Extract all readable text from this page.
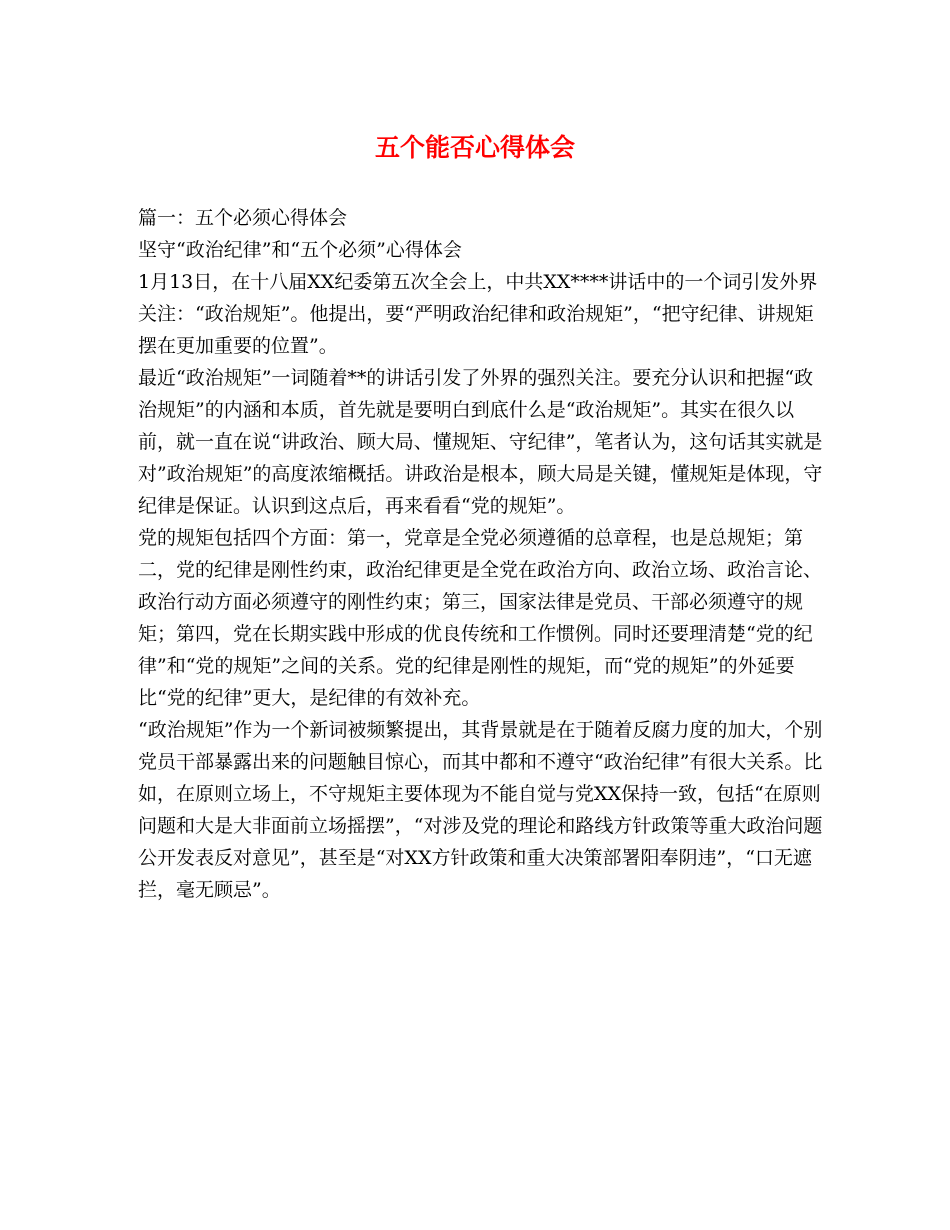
五个能否心得体会

篇一：五个必须心得体会

坚守“政治纪律”和“五个必须”心得体会

1月13日，在十八届XX纪委第五次全会上，中共XX****讲话中的一个词引发外界关注：“政治规矩”。他提出，要“严明政治纪律和政治规矩”，“把守纪律、讲规矩摆在更加重要的位置”。

最近“政治规矩”一词随着**的讲话引发了外界的强烈关注。要充分认识和把握“政治规矩”的内涵和本质，首先就是要明白到底什么是“政治规矩”。其实在很久以前，就一直在说“讲政治、顾大局、懂规矩、守纪律”，笔者认为，这句话其实就是对”政治规矩”的高度浓缩概括。讲政治是根本，顾大局是关键，懂规矩是体现，守纪律是保证。认识到这点后，再来看看“党的规矩”。

党的规矩包括四个方面：第一，党章是全党必须遵循的总章程，也是总规矩；第二，党的纪律是刚性约束，政治纪律更是全党在政治方向、政治立场、政治言论、政治行动方面必须遵守的刚性约束；第三，国家法律是党员、干部必须遵守的规矩；第四，党在长期实践中形成的优良传统和工作惯例。同时还要理清楚“党的纪律”和“党的规矩”之间的关系。党的纪律是刚性的规矩，而“党的规矩”的外延要比“党的纪律”更大，是纪律的有效补充。

“政治规矩”作为一个新词被频繁提出，其背景就是在于随着反腐力度的加大，个别党员干部暴露出来的问题触目惊心，而其中都和不遵守“政治纪律”有很大关系。比如，在原则立场上，不守规矩主要体现为不能自觉与党XX保持一致，包括“在原则问题和大是大非面前立场摇摆”，“对涉及党的理论和路线方针政策等重大政治问题公开发表反对意见”，甚至是“对XX方针政策和重大决策部署阳奉阴违”，“口无遮拦，毫无顾忌”。
